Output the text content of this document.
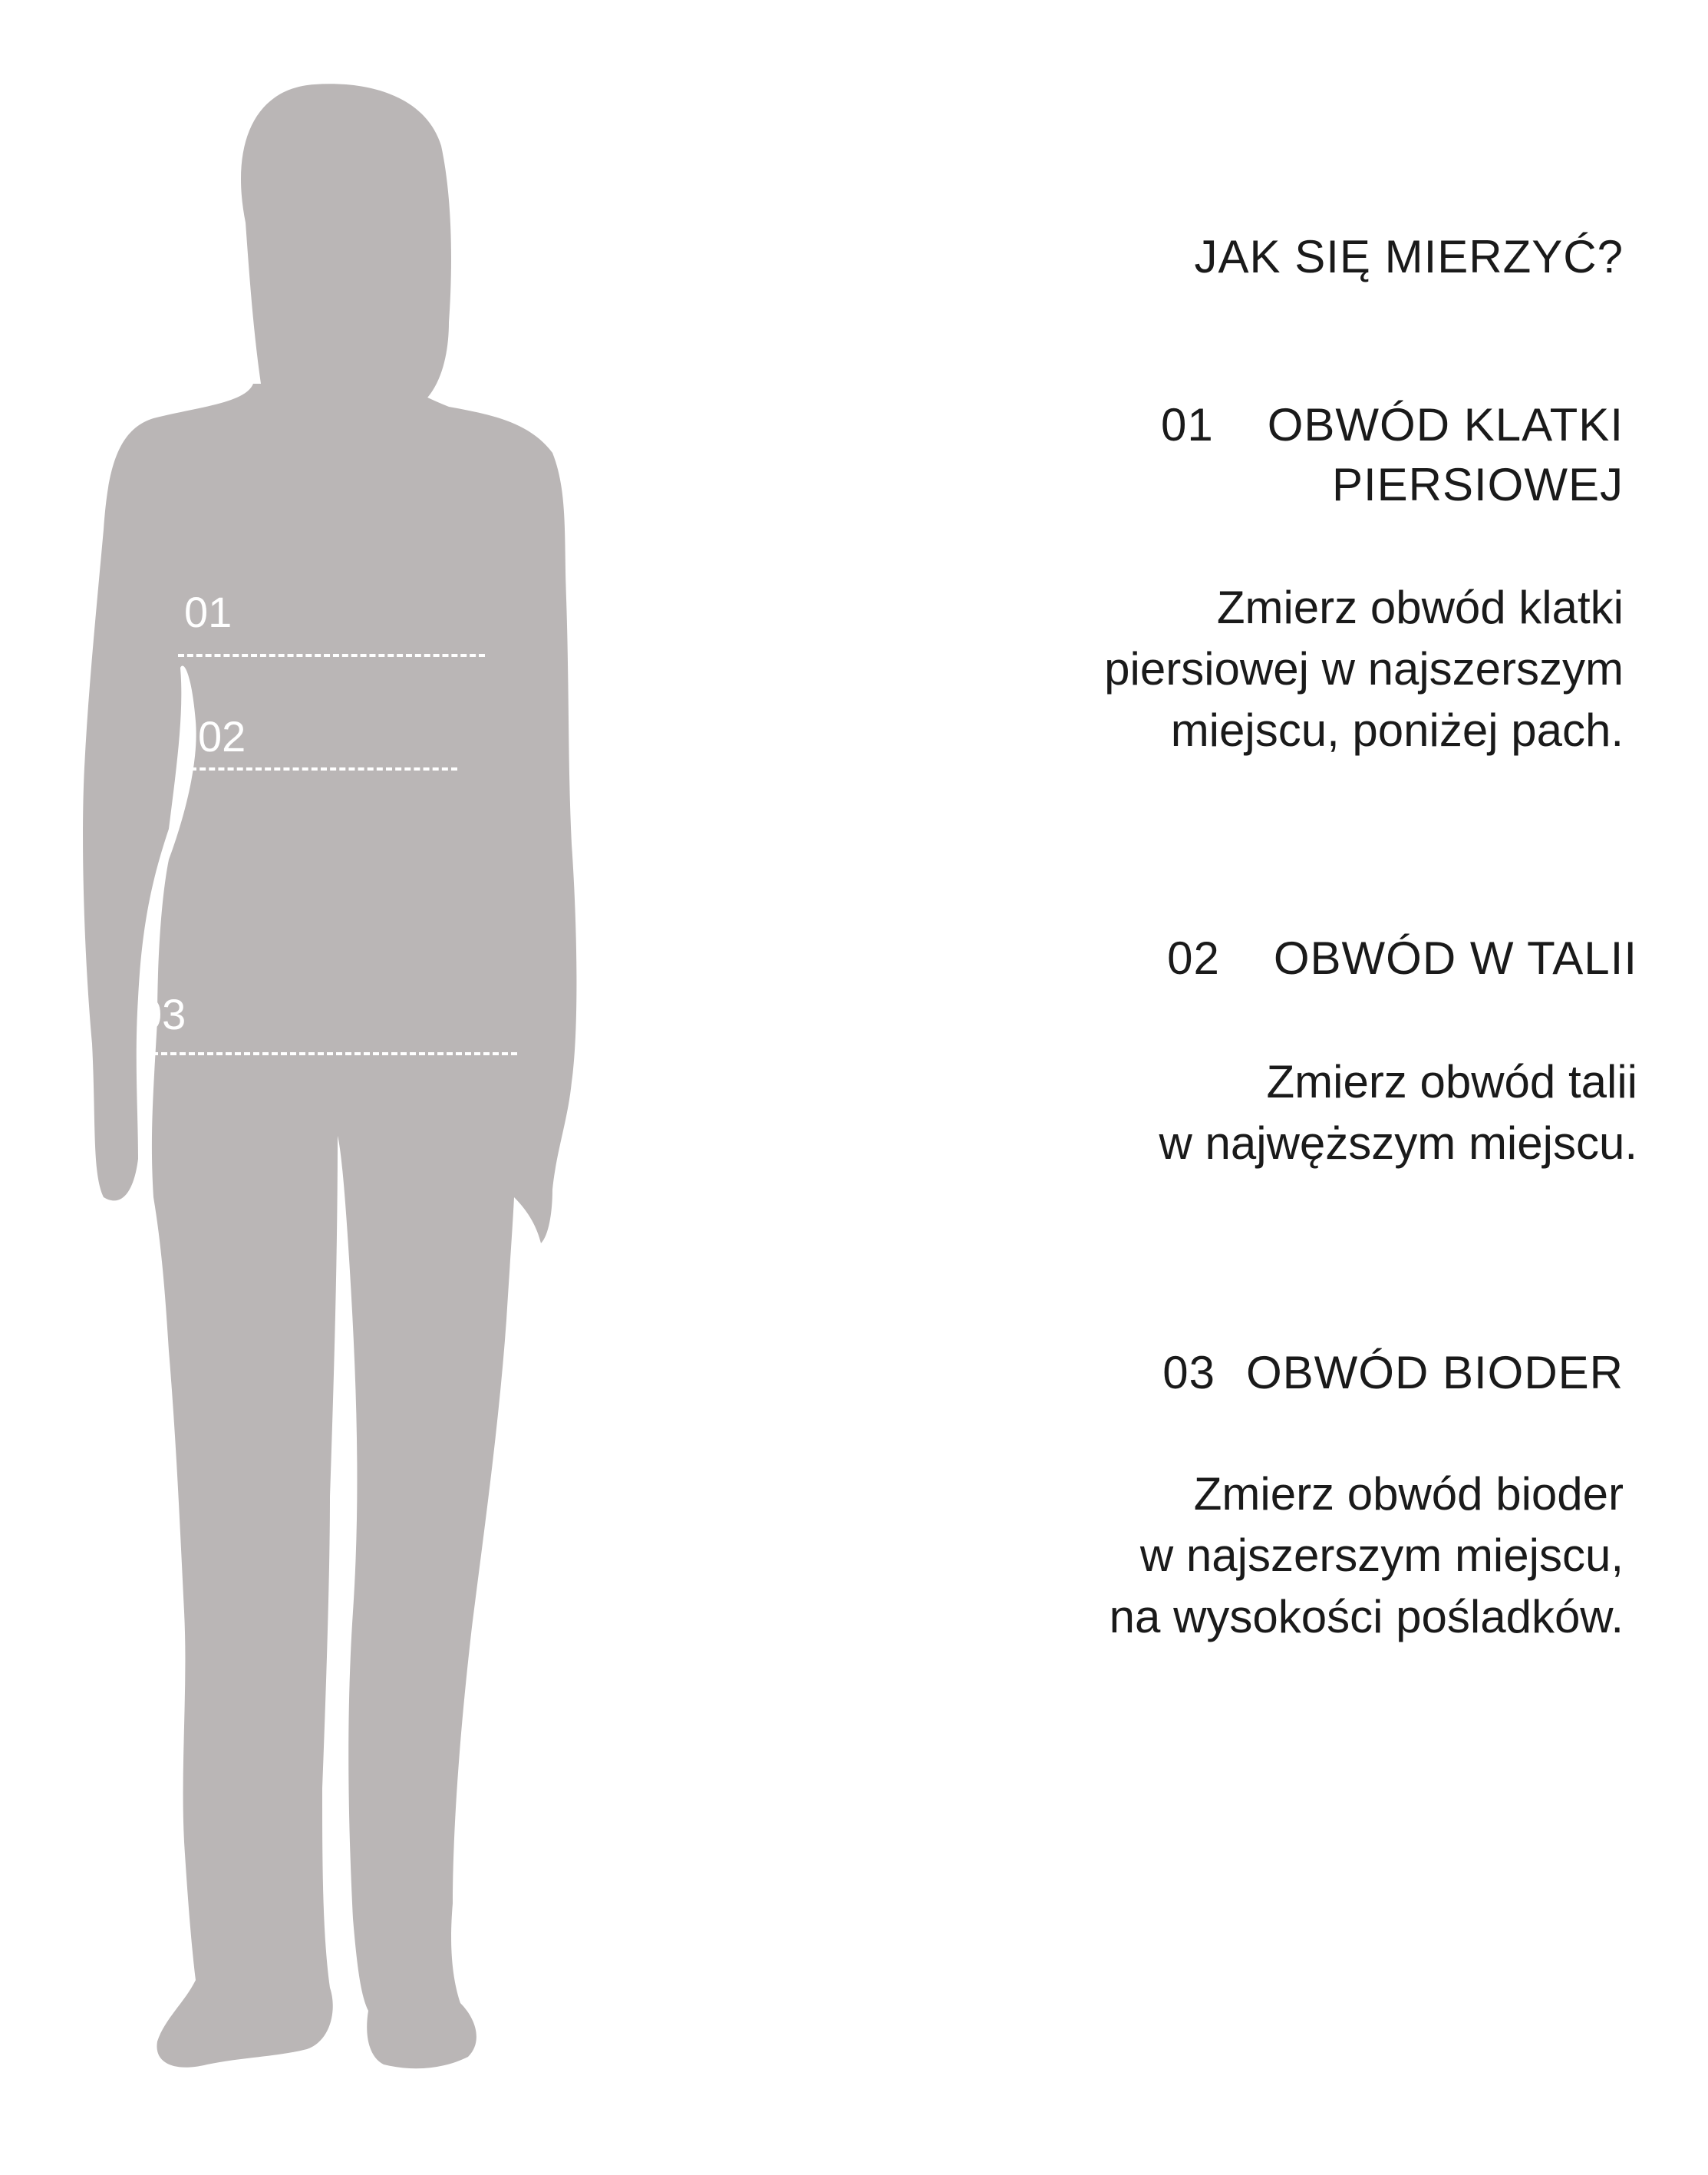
01
02
03
JAK SIĘ MIERZYĆ?
01 OBWÓD KLATKI
PIERSIOWEJ
Zmierz obwód klatki
piersiowej w najszerszym
miejscu, poniżej pach.
02 OBWÓD W TALII
Zmierz obwód talii
w najwęższym miejscu.
03 OBWÓD BIODER
Zmierz obwód bioder
w najszerszym miejscu,
na wysokości pośladków.
